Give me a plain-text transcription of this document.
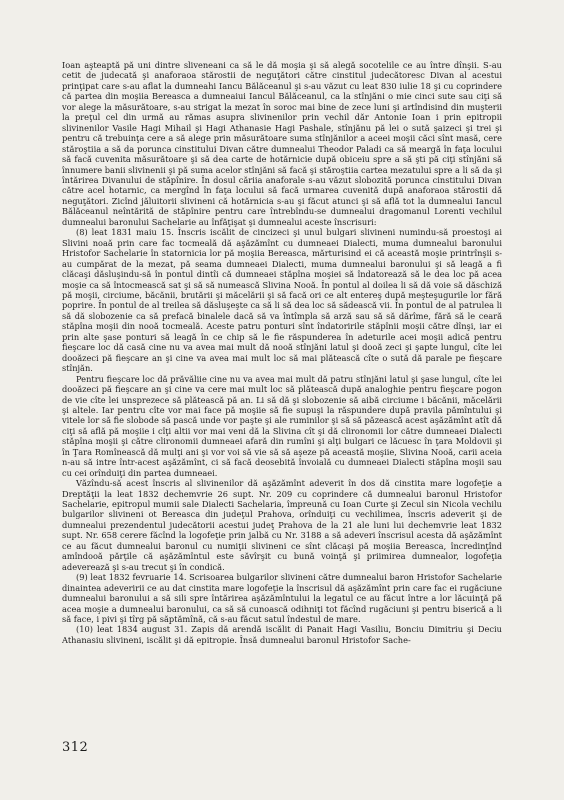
Ioan aşteaptă pă uni dintre sliveneani ca să le dă moşia şi să alegă socotelile ce au între dînşii. S-au cetit de judecată şi anaforaoa stărostii de neguţători către cinstitul judecătoresc Divan al acestui prinţipat care s-au aflat la dumneahi Iancu Bălăceanul şi s-au văzut cu leat 830 iulie 18 şi cu coprindere că partea din moşiia Bereasca a dumneaiui Iancul Bălăceanul, ca la stînjăni o mie cinci sute sau ciţi să vor alege la măsurătoare, s-au strigat la mezat în soroc mai bine de zece luni şi artîndisind din muşterii la preţul cel din urmă au rămas asupra slivinenilor prin vechil dăr Antonie Ioan i prin epitropii slivinenilor Vasile Hagi Mihail şi Hagi Athanasie Hagi Pashale, stînjănu pă lei o sută şaizeci şi trei şi pentru că trebuinţa cere a să alege prin măsurătoare suma stînjănilor a aceei moşii căci sînt masă, cere stăroştiia a să da porunca cinstitului Divan către dumnealui Theodor Paladi ca să meargă în faţa locului să facă cuvenita măsurătoare şi să dea carte de hotărnicie după obiceiu spre a să şti pă ciţi stînjăni să înnumere banii slivinenii şi pă suma acelor stînjăni să facă şi stăroştiia cartea mezatului spre a li să da şi întărirea Divanului de stăpînire. În dosul căriia anaforale s-au văzut slobozită porunca cinstitului Divan către acel hotarnic, ca mergînd în faţa locului să facă urmarea cuvenită după anaforaoa stărostii dă neguţători. Zicînd jăluitorii slivineni că hotărnicia s-au şi făcut atunci şi să află tot la dumnealui Iancul Bălăceanul neîntărită de stăpînire pentru care întrebîndu-se dumnealui dragomanul Lorenti vechilul dumnealui baronului Sachelarie au înfăţişat şi dumnealui aceste înscrisuri:

(8) leat 1831 maiu 15. Înscris iscălit de cincizeci şi unul bulgari slivineni numindu-să proestoşi ai Slivini noaă prin care fac tocmeală dă aşăzămînt cu dumneaei Dialecti, muma dumnealui baronului Hristofor Sachelarie în statornicia lor pă moşiia Bereasca, mărturisind ei că această moşie printrînşii s-au cumpărat de la mezat, pă seama dumneaei Dialecti, muma dumnealui baronului şi să leagă a fi clăcaşi dăsluşindu-să în pontul dintîi că dumneaei stăpîna moşiei să îndatorează să le dea loc pă acea moşie ca să întocmească sat şi să să numească Slivina Nooă. În pontul al doilea li să dă voie să dăschiză pă moşii, circiume, băcănii, brutării şi măcelării şi să facă ori ce alt entereş după meşteşugurile lor fără poprire. În pontul de al treilea să dăsluşeşte ca să li să dea loc să sădească vii. În pontul de al patrulea li să dă slobozenie ca să prefacă binalele dacă să va întîmpla să arză sau să să dărîme, fără să le ceară stăpîna moşii din nooă tocmeală. Aceste patru ponturi sînt îndatoririle stăpînii moşii către dînşi, iar ei prin alte şase ponturi să leagă în ce chip să le fie răspunderea în adeturile acei moşii adică pentru fieşcare loc dă casă cine nu va avea mai mult dă nooă stînjăni latul şi dooă zeci şi şapte lungul, cîte lei dooăzeci pă fieşcare an şi cine va avea mai mult loc să mai plătească cîte o sută dă parale pe fieşcare stînjăn.

Pentru fieşcare loc dă prăvăliie cine nu va avea mai mult dă patru stînjăni latul şi şase lungul, cîte lei dooăzeci pă fieşcare an şi cine va cere mai mult loc să plătească după analoghie pentru fieşcare pogon de vie cîte lei unsprezece să plătească pă an. Li să dă şi slobozenie să aibă circiume i băcănii, măcelării şi altele. Iar pentru cîte vor mai face pă moşiie să fie supuşi la răspundere după pravila pămîntului şi vitele lor să fie slobode să pască unde vor paşte şi ale ruminilor şi să să păzească acest aşăzămînt atît dă ciţi să află pă moşiie i cîţi altii vor mai veni dă la Slivina cît şi dă clironomii lor către dumneaei Dialecti stăpîna moşii şi către clironomii dumneaei afară din rumîni şi alţi bulgari ce lăcuesc în ţara Moldovii şi în Ţara Romînească dă mulţi ani şi vor voi să vie să să aşeze pă această moşiie, Slivina Nooă, carii aceia n-au să intre într-acest aşăzămînt, ci să facă deosebită învoială cu dumneaei Dialecti stăpîna moşii sau cu cei orînduiţi din partea dumneaei.

Văzîndu-să acest înscris al slivinenilor dă aşăzămînt adeverit în dos dă cinstita mare logofeţie a Dreptăţii la leat 1832 dechemvrie 26 supt. Nr. 209 cu coprindere că dumnealui baronul Hristofor Sachelarie, epitropul mumii sale Dialecti Sachelaria, împreună cu Ioan Curte şi Zecul sin Nicola vechilu bulgarilor slivineni ot Bereasca din judeţul Prahova, orînduiţi cu vechilimea, înscris adeverit şi de dumnealui prezendentul judecătorii acestui judeţ Prahova de la 21 ale luni lui dechemvrie leat 1832 supt. Nr. 658 cerere făcînd la logofeţie prin jalbă cu Nr. 3188 a să adeveri înscrisul acesta dă aşăzămînt ce au făcut dumnealui baronul cu numiţii slivineni ce sînt clăcaşi pă moşiia Bereasca, încredinţînd amîndooă părţile că aşăzămîntul este săvîrşit cu bună voinţă şi priimirea dumnealor, logofeţia adeverează şi s-au trecut şi în condică.

(9) leat 1832 fevruarie 14. Scrisoarea bulgarilor slivineni către dumnealui baron Hristofor Sachelarie dinaintea adeveririi ce au dat cinstita mare logofeţie la înscrisul dă aşăzămînt prin care fac ei rugăciune dumnealui baronului a să sili spre întărirea aşăzămîntului la legatul ce au făcut între a lor lăcuinţă pă acea moşie a dumnealui baronului, ca să să cunoască odihniţi tot făcînd rugăciuni şi pentru biserică a li să face, i pivi şi tîrg pă săptămînă, că s-au făcut satul îndestul de mare.

(10) leat 1834 august 31. Zapis dă arendă iscălit di Panait Hagi Vasiliu, Bonciu Dimitriu şi Deciu Athanasiu slivineni, iscălit şi dă epitropie. Însă dumnealui baronul Hristofor Sache-

312
